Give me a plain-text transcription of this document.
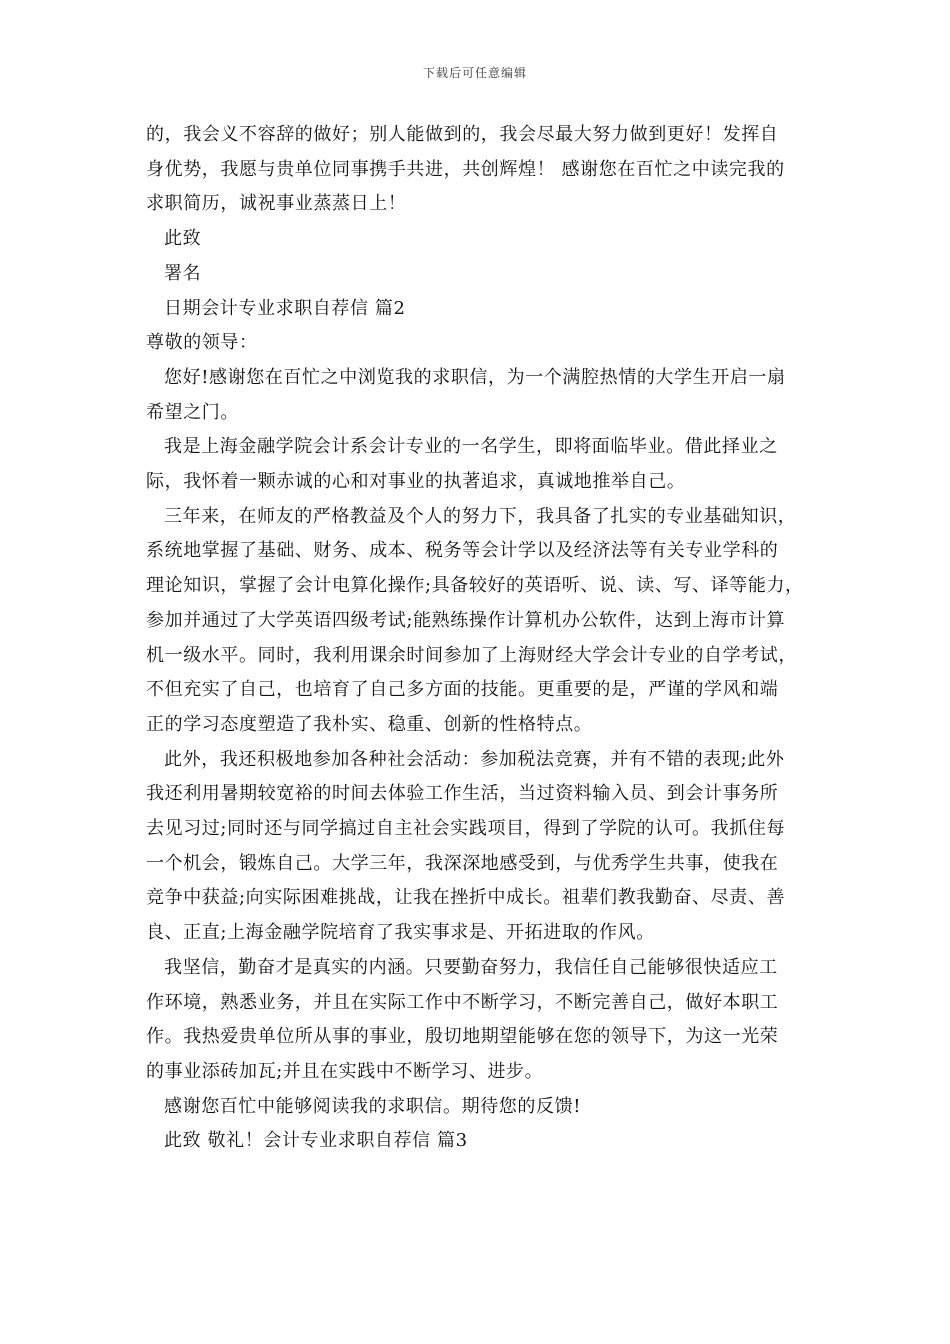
下载后可任意编辑
的，我会义不容辞的做好；别人能做到的，我会尽最大努力做到更好！发挥自
身优势，我愿与贵单位同事携手共进，共创辉煌！ 感谢您在百忙之中读完我的
求职简历，诚祝事业蒸蒸日上！
此致
署名
日期会计专业求职自荐信 篇2
尊敬的领导：
您好!感谢您在百忙之中浏览我的求职信，为一个满腔热情的大学生开启一扇
希望之门。
我是上海金融学院会计系会计专业的一名学生，即将面临毕业。借此择业之
际，我怀着一颗赤诚的心和对事业的执著追求，真诚地推举自己。
三年来，在师友的严格教益及个人的努力下，我具备了扎实的专业基础知识，
系统地掌握了基础、财务、成本、税务等会计学以及经济法等有关专业学科的
理论知识，掌握了会计电算化操作;具备较好的英语听、说、读、写、译等能力，
参加并通过了大学英语四级考试;能熟练操作计算机办公软件，达到上海市计算
机一级水平。同时，我利用课余时间参加了上海财经大学会计专业的自学考试，
不但充实了自己，也培育了自己多方面的技能。更重要的是，严谨的学风和端
正的学习态度塑造了我朴实、稳重、创新的性格特点。
此外，我还积极地参加各种社会活动：参加税法竞赛，并有不错的表现;此外
我还利用暑期较宽裕的时间去体验工作生活，当过资料输入员、到会计事务所
去见习过;同时还与同学搞过自主社会实践项目，得到了学院的认可。我抓住每
一个机会，锻炼自己。大学三年，我深深地感受到，与优秀学生共事，使我在
竞争中获益;向实际困难挑战，让我在挫折中成长。祖辈们教我勤奋、尽责、善
良、正直;上海金融学院培育了我实事求是、开拓进取的作风。
我坚信，勤奋才是真实的内涵。只要勤奋努力，我信任自己能够很快适应工
作环境，熟悉业务，并且在实际工作中不断学习，不断完善自己，做好本职工
作。我热爱贵单位所从事的事业，殷切地期望能够在您的领导下，为这一光荣
的事业添砖加瓦;并且在实践中不断学习、进步。
感谢您百忙中能够阅读我的求职信。期待您的反馈!
此致 敬礼！会计专业求职自荐信 篇3
